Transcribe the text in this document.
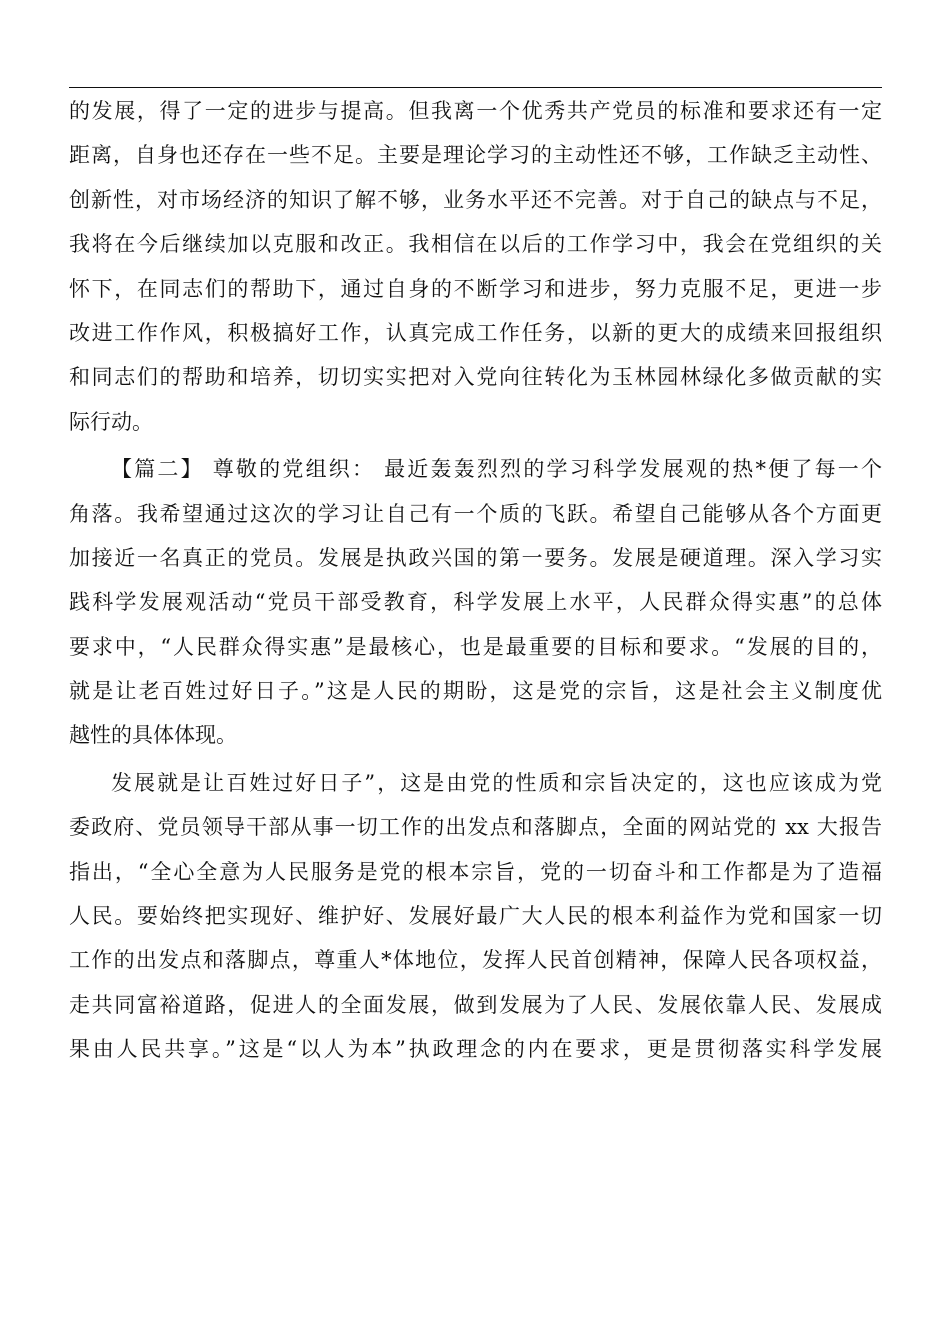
的发展，得了一定的进步与提高。但我离一个优秀共产党员的标准和要求还有一定
距离，自身也还存在一些不足。主要是理论学习的主动性还不够，工作缺乏主动性、
创新性，对市场经济的知识了解不够，业务水平还不完善。对于自己的缺点与不足，
我将在今后继续加以克服和改正。我相信在以后的工作学习中，我会在党组织的关
怀下，在同志们的帮助下，通过自身的不断学习和进步，努力克服不足，更进一步
改进工作作风，积极搞好工作，认真完成工作任务，以新的更大的成绩来回报组织
和同志们的帮助和培养，切切实实把对入党向往转化为玉林园林绿化多做贡献的实
际行动。
【篇二】 尊敬的党组织： 最近轰轰烈烈的学习科学发展观的热*便了每一个
角落。我希望通过这次的学习让自己有一个质的飞跃。希望自己能够从各个方面更
加接近一名真正的党员。发展是执政兴国的第一要务。发展是硬道理。深入学习实
践科学发展观活动“党员干部受教育，科学发展上水平，人民群众得实惠”的总体
要求中，“人民群众得实惠”是最核心，也是最重要的目标和要求。“发展的目的，
就是让老百姓过好日子。”这是人民的期盼，这是党的宗旨，这是社会主义制度优
越性的具体体现。
发展就是让百姓过好日子”，这是由党的性质和宗旨决定的，这也应该成为党
委政府、党员领导干部从事一切工作的出发点和落脚点，全面的网站党的 xx 大报告
指出，“全心全意为人民服务是党的根本宗旨，党的一切奋斗和工作都是为了造福
人民。要始终把实现好、维护好、发展好最广大人民的根本利益作为党和国家一切
工作的出发点和落脚点，尊重人*体地位，发挥人民首创精神，保障人民各项权益，
走共同富裕道路，促进人的全面发展，做到发展为了人民、发展依靠人民、发展成
果由人民共享。”这是“以人为本”执政理念的内在要求，更是贯彻落实科学发展
